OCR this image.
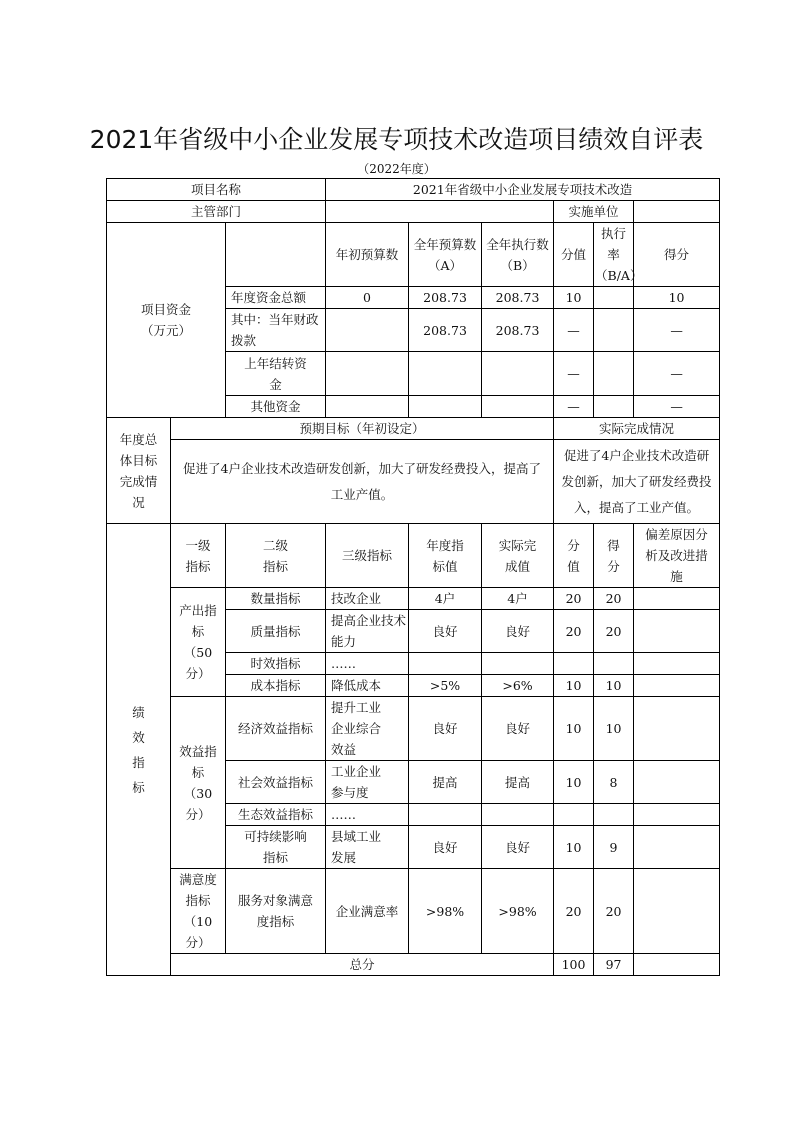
2021年省级中小企业发展专项技术改造项目绩效自评表
（2022年度）
项目名称			2021年省级中小企业发展专项技术改造					
主管部门						实施单位		

项目资金
（万元）			年初预算数	全年预算数（A）	全年执行数（B）	分值	执行率（B/A）	得分
		年度资金总额	0	208.73	208.73	10		10
		其中：当年财政拨款		208.73	208.73	—		—
		上年结转资金				—		—
		其他资金				—		—
年度总体目标完成情况	预期目标（年初设定）					实际完成情况		
	促进了4户企业技术改造研发创新，加大了研发经费投入，提高了工业产值。					促进了4户企业技术改造研发创新，加大了研发经费投入，提高了工业产值。		

绩效指标	一级指标	二级指标	三级指标	年度指标值	实际完成值	分值	得分	偏差原因分析及改进措施
	产出指标（50分）	数量指标	技改企业	4户	4户	20	20	
		质量指标	提高企业技术能力	良好	良好	20	20	
		时效指标	……					
		成本指标	降低成本	>5%	>6%	10	10	
	效益指标（30分）	经济效益指标	提升工业企业综合效益	良好	良好	10	10	
		社会效益指标	工业企业参与度	提高	提高	10	8	
		生态效益指标	……					
		可持续影响指标	县域工业发展	良好	良好	10	9	
	满意度指标（10分）	服务对象满意度指标	企业满意率	>98%	>98%	20	20	
	总分					100	97	
